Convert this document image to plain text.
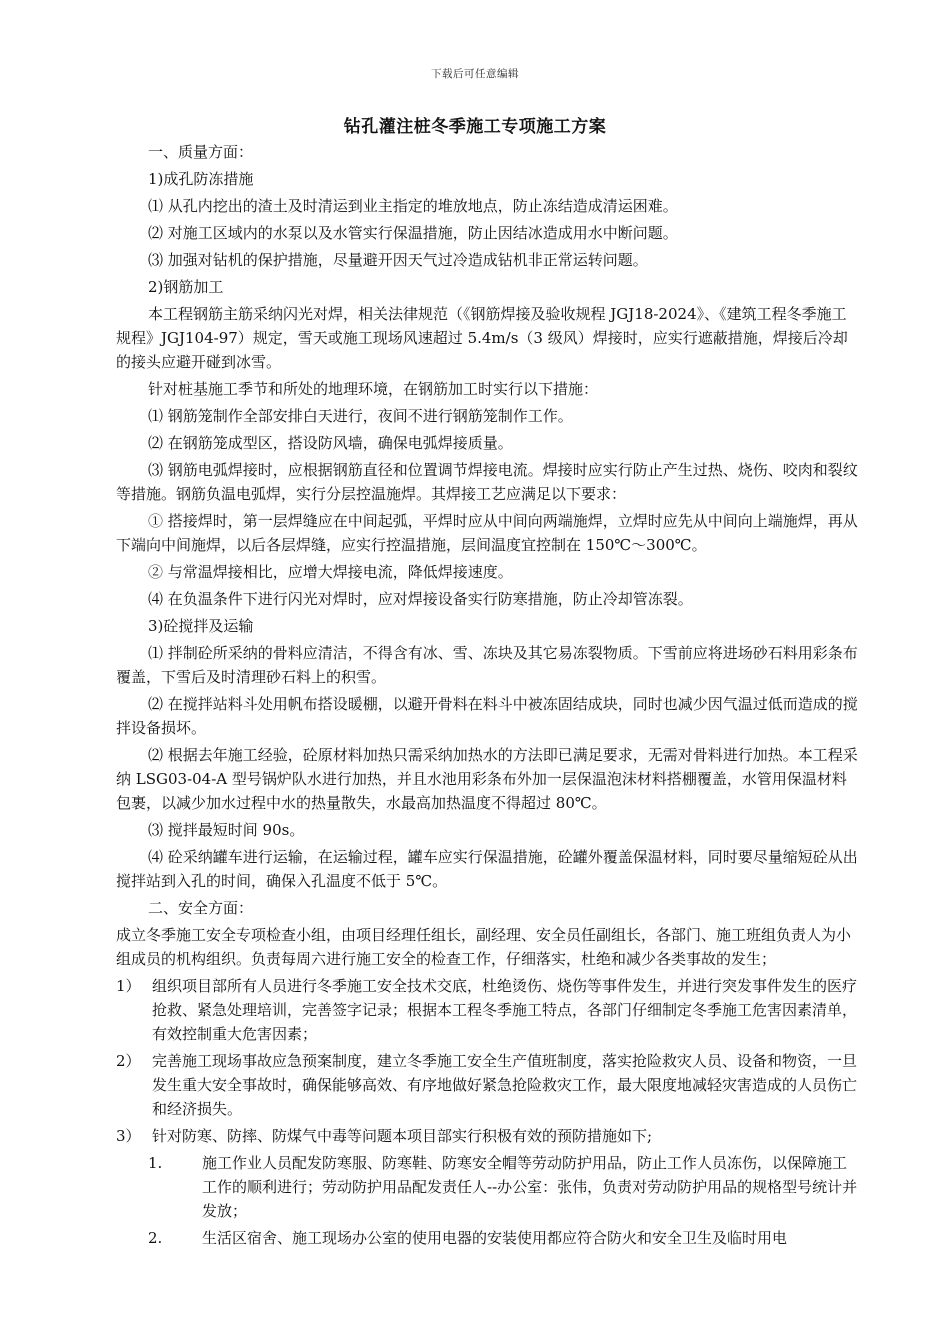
下载后可任意编辑
钻孔灌注桩冬季施工专项施工方案

一、质量方面：

1)成孔防冻措施

⑴ 从孔内挖出的渣土及时清运到业主指定的堆放地点，防止冻结造成清运困难。

⑵ 对施工区域内的水泵以及水管实行保温措施，防止因结冰造成用水中断问题。

⑶ 加强对钻机的保护措施，尽量避开因天气过冷造成钻机非正常运转问题。

2)钢筋加工

本工程钢筋主筋采纳闪光对焊，相关法律规范（《钢筋焊接及验收规程 JGJ18-2024》、《建筑工程冬季施工规程》JGJ104-97）规定，雪天或施工现场风速超过 5.4m/s（3 级风）焊接时，应实行遮蔽措施，焊接后冷却的接头应避开碰到冰雪。

针对桩基施工季节和所处的地理环境，在钢筋加工时实行以下措施：

⑴ 钢筋笼制作全部安排白天进行，夜间不进行钢筋笼制作工作。

⑵ 在钢筋笼成型区，搭设防风墙，确保电弧焊接质量。

⑶ 钢筋电弧焊接时，应根据钢筋直径和位置调节焊接电流。焊接时应实行防止产生过热、烧伤、咬肉和裂纹等措施。钢筋负温电弧焊，实行分层控温施焊。其焊接工艺应满足以下要求：

① 搭接焊时，第一层焊缝应在中间起弧，平焊时应从中间向两端施焊，立焊时应先从中间向上端施焊，再从下端向中间施焊，以后各层焊缝，应实行控温措施，层间温度宜控制在 150℃～300℃。

② 与常温焊接相比，应增大焊接电流，降低焊接速度。

⑷ 在负温条件下进行闪光对焊时，应对焊接设备实行防寒措施，防止冷却管冻裂。

3)砼搅拌及运输

⑴ 拌制砼所采纳的骨料应清洁，不得含有冰、雪、冻块及其它易冻裂物质。下雪前应将进场砂石料用彩条布覆盖，下雪后及时清理砂石料上的积雪。

⑵ 在搅拌站料斗处用帆布搭设暖棚，以避开骨料在料斗中被冻固结成块，同时也减少因气温过低而造成的搅拌设备损坏。

⑵ 根据去年施工经验，砼原材料加热只需采纳加热水的方法即已满足要求，无需对骨料进行加热。本工程采纳 LSG03-04-A 型号锅炉队水进行加热，并且水池用彩条布外加一层保温泡沫材料搭棚覆盖，水管用保温材料包裹，以减少加水过程中水的热量散失，水最高加热温度不得超过 80℃。

⑶ 搅拌最短时间 90s。

⑷ 砼采纳罐车进行运输，在运输过程，罐车应实行保温措施，砼罐外覆盖保温材料，同时要尽量缩短砼从出搅拌站到入孔的时间，确保入孔温度不低于 5℃。

二、安全方面：

成立冬季施工安全专项检查小组，由项目经理任组长，副经理、安全员任副组长，各部门、施工班组负责人为小组成员的机构组织。负责每周六进行施工安全的检查工作，仔细落实，杜绝和减少各类事故的发生；

1） 组织项目部所有人员进行冬季施工安全技术交底，杜绝烫伤、烧伤等事件发生，并进行突发事件发生的医疗抢救、紧急处理培训，完善签字记录；根据本工程冬季施工特点，各部门仔细制定冬季施工危害因素清单，有效控制重大危害因素；
2） 完善施工现场事故应急预案制度，建立冬季施工安全生产值班制度，落实抢险救灾人员、设备和物资，一旦发生重大安全事故时，确保能够高效、有序地做好紧急抢险救灾工作，最大限度地减轻灾害造成的人员伤亡和经济损失。
3） 针对防寒、防摔、防煤气中毒等问题本项目部实行积极有效的预防措施如下;
1.	施工作业人员配发防寒服、防寒鞋、防寒安全帽等劳动防护用品，防止工作人员冻伤，以保障施工工作的顺利进行；劳动防护用品配发责任人--办公室：张伟，负责对劳动防护用品的规格型号统计并发放；
2.	生活区宿舍、施工现场办公室的使用电器的安装使用都应符合防火和安全卫生及临时用电
